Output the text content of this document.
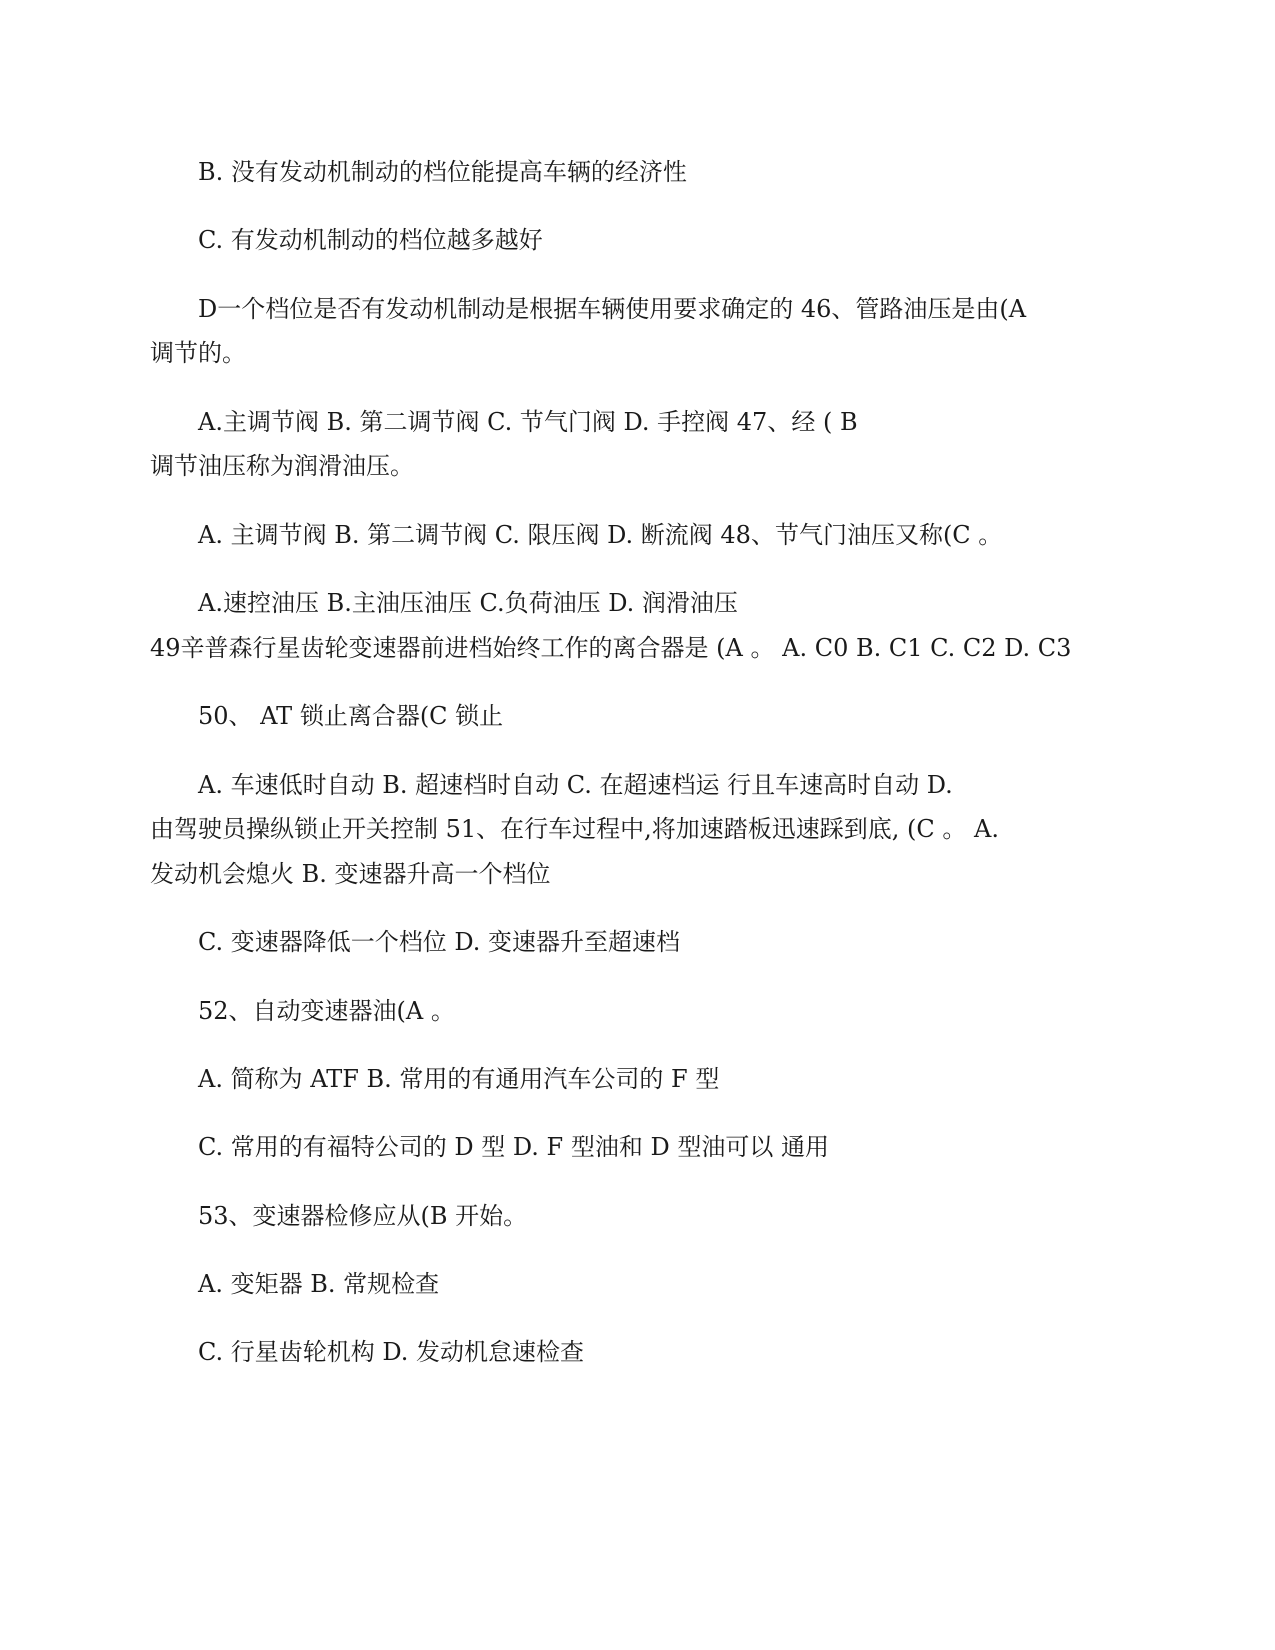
B. 没有发动机制动的档位能提高车辆的经济性
C. 有发动机制动的档位越多越好
D一个档位是否有发动机制动是根据车辆使用要求确定的 46、管路油压是由(A
调节的。
A.主调节阀 B. 第二调节阀 C. 节气门阀 D. 手控阀 47、经 ( B
调节油压称为润滑油压。
A. 主调节阀 B. 第二调节阀 C. 限压阀 D. 断流阀 48、节气门油压又称(C 。
A.速控油压 B.主油压油压 C.负荷油压 D. 润滑油压
49辛普森行星齿轮变速器前进档始终工作的离合器是 (A 。 A. C0 B. C1 C. C2 D. C3
50、 AT 锁止离合器(C 锁止
A. 车速低时自动 B. 超速档时自动 C. 在超速档运 行且车速高时自动 D.
由驾驶员操纵锁止开关控制 51、在行车过程中,将加速踏板迅速踩到底, (C 。 A.
发动机会熄火 B. 变速器升高一个档位
C. 变速器降低一个档位 D. 变速器升至超速档
52、自动变速器油(A 。
A. 简称为 ATF B. 常用的有通用汽车公司的 F 型
C. 常用的有福特公司的 D 型 D. F 型油和 D 型油可以 通用
53、变速器检修应从(B 开始。
A. 变矩器 B. 常规检查
C. 行星齿轮机构 D. 发动机怠速检查
